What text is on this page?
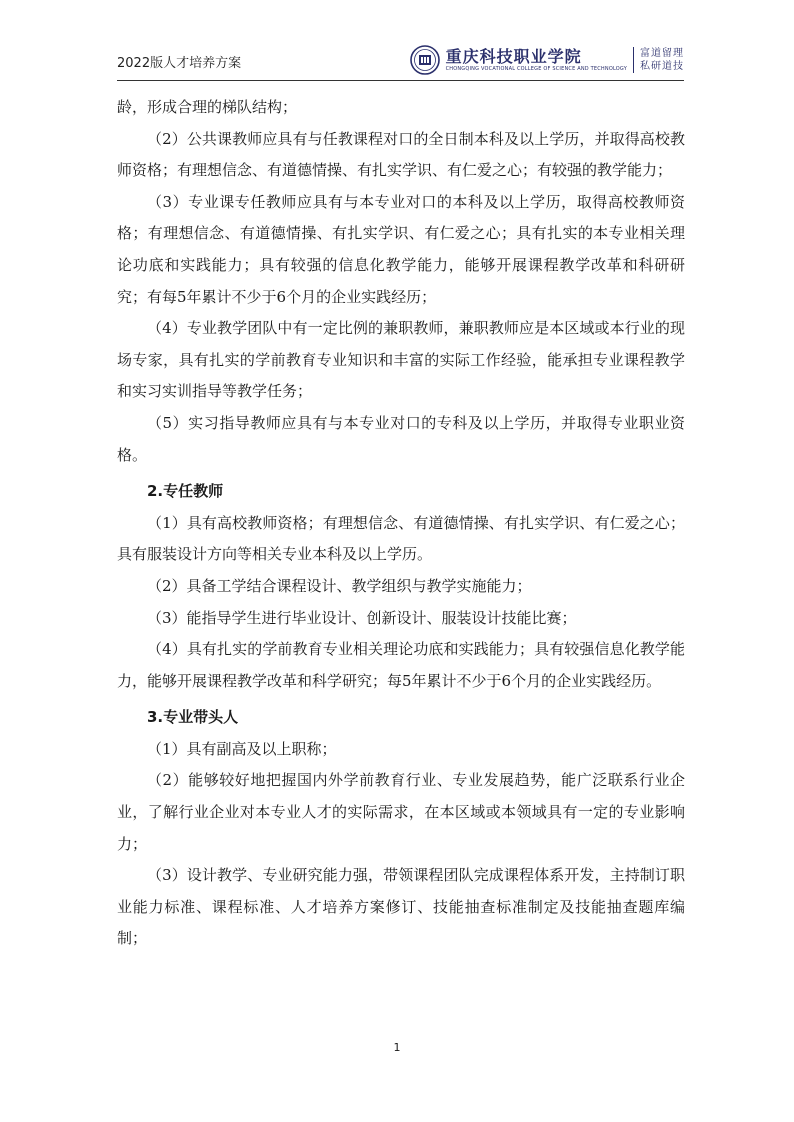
2022版人才培养方案	重庆科技职业学院
CHONGQING VOCATIONAL COLLEGE OF SCIENCE AND TECHNOLOGY
富道留理
私研道技

龄，形成合理的梯队结构；

（2）公共课教师应具有与任教课程对口的全日制本科及以上学历，并取得高校教师资格；有理想信念、有道德情操、有扎实学识、有仁爱之心；有较强的教学能力；

（3）专业课专任教师应具有与本专业对口的本科及以上学历，取得高校教师资格；有理想信念、有道德情操、有扎实学识、有仁爱之心；具有扎实的本专业相关理论功底和实践能力；具有较强的信息化教学能力，能够开展课程教学改革和科研研究；有每5年累计不少于6个月的企业实践经历；

（4）专业教学团队中有一定比例的兼职教师，兼职教师应是本区域或本行业的现场专家，具有扎实的学前教育专业知识和丰富的实际工作经验，能承担专业课程教学和实习实训指导等教学任务；

（5）实习指导教师应具有与本专业对口的专科及以上学历，并取得专业职业资格。

2.专任教师

（1）具有高校教师资格；有理想信念、有道德情操、有扎实学识、有仁爱之心； 具有服装设计方向等相关专业本科及以上学历。

（2）具备工学结合课程设计、教学组织与教学实施能力；

（3）能指导学生进行毕业设计、创新设计、服装设计技能比赛；

（4）具有扎实的学前教育专业相关理论功底和实践能力；具有较强信息化教学能力，能够开展课程教学改革和科学研究；每5年累计不少于6个月的企业实践经历。

3.专业带头人

（1）具有副高及以上职称；

（2）能够较好地把握国内外学前教育行业、专业发展趋势，能广泛联系行业企业，了解行业企业对本专业人才的实际需求，在本区域或本领域具有一定的专业影响力；

（3）设计教学、专业研究能力强，带领课程团队完成课程体系开发，主持制订职业能力标准、课程标准、人才培养方案修订、技能抽查标准制定及技能抽查题库编制；

1
